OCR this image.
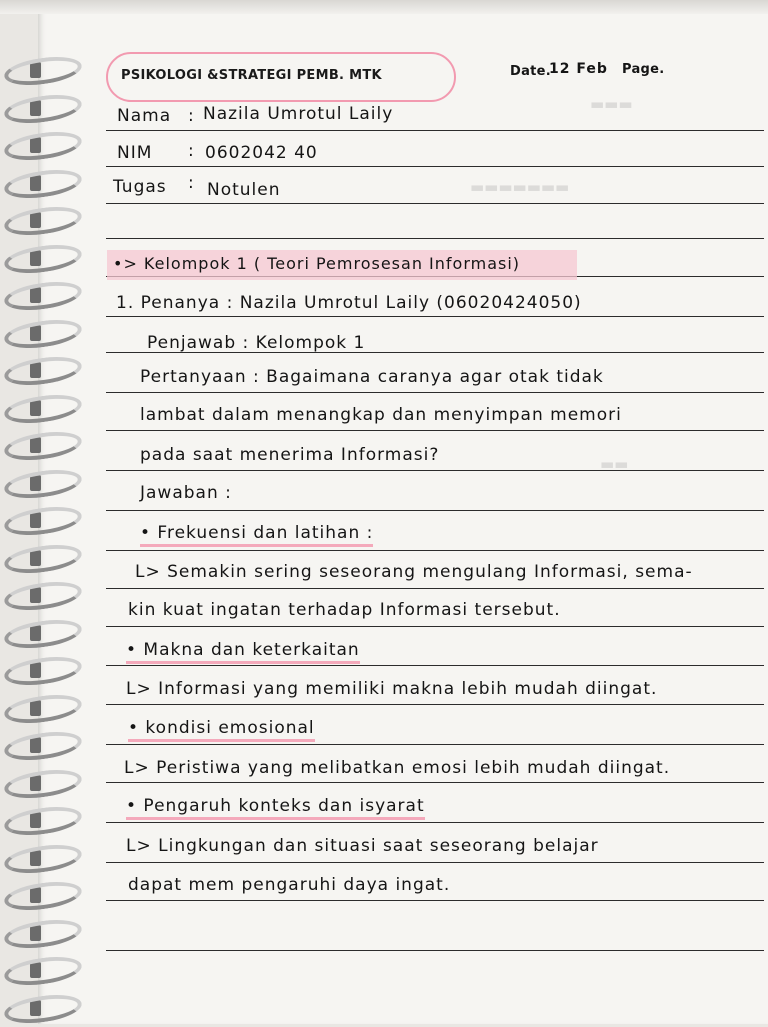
▬▬▬
▬▬▬▬▬▬▬
▬▬
PSIKOLOGI &STRATEGI PEMB. MTK	Date.
12 Feb Page.
Nama : Nazila Umrotul Laily
NIM : 0602042 40
Tugas : Notulen
•> Kelompok 1 ( Teori Pemrosesan Informasi)
1. Penanya : Nazila Umrotul Laily (06020424050)
Penjawab : Kelompok 1
Pertanyaan : Bagaimana caranya agar otak tidak
lambat dalam menangkap dan menyimpan memori
pada saat menerima Informasi?
Jawaban :
• Frekuensi dan latihan :
L> Semakin sering seseorang mengulang Informasi, sema-
kin kuat ingatan terhadap Informasi tersebut.
• Makna dan keterkaitan
L> Informasi yang memiliki makna lebih mudah diingat.
• kondisi emosional
L> Peristiwa yang melibatkan emosi lebih mudah diingat.
• Pengaruh konteks dan isyarat
L> Lingkungan dan situasi saat seseorang belajar
dapat mem pengaruhi daya ingat.
